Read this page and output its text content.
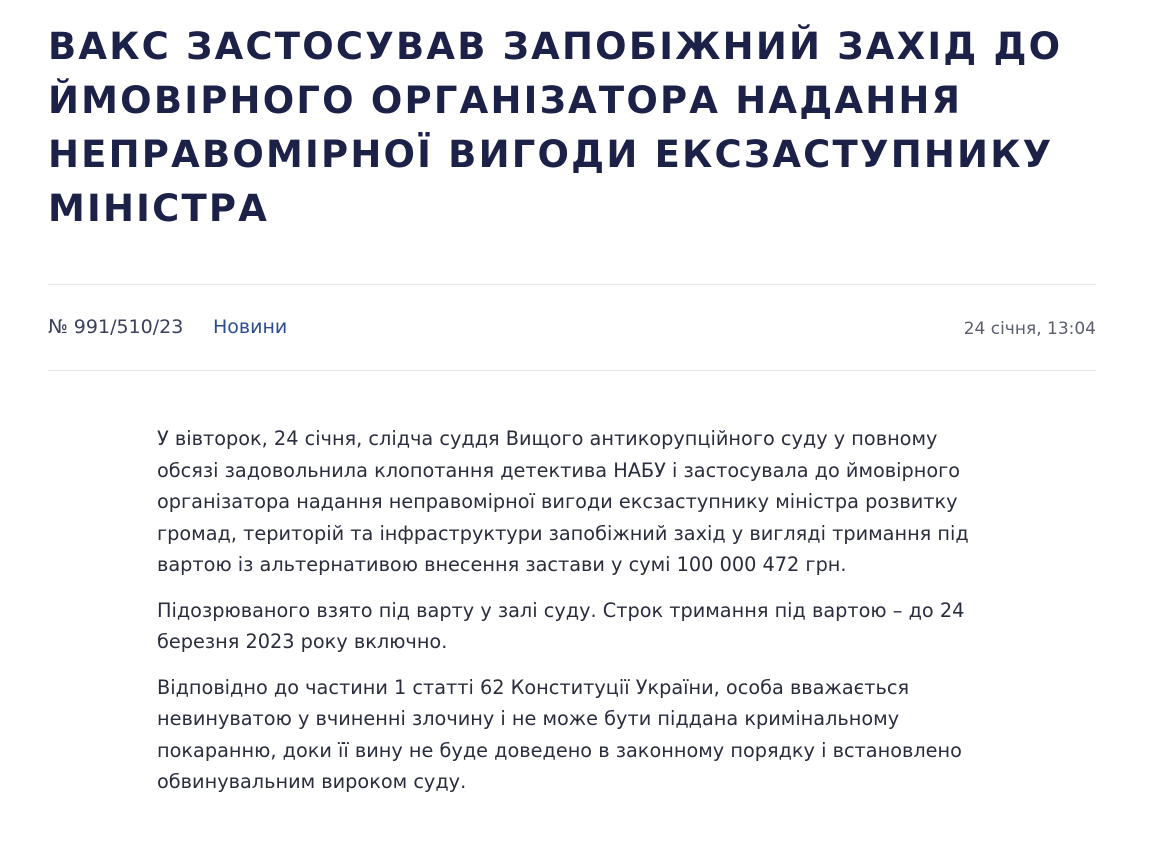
ВАКС ЗАСТОСУВАВ ЗАПОБІЖНИЙ ЗАХІД ДО ЙМОВІРНОГО ОРГАНІЗАТОРА НАДАННЯ НЕПРАВОМІРНОЇ ВИГОДИ ЕКСЗАСТУПНИКУ МІНІСТРА
№ 991/510/23 Новини	24 січня, 13:04

У вівторок, 24 січня, слідча суддя Вищого антикорупційного суду у повному обсязі задовольнила клопотання детектива НАБУ і застосувала до ймовірного організатора надання неправомірної вигоди ексзаступнику міністра розвитку громад, територій та інфраструктури запобіжний захід у вигляді тримання під вартою із альтернативою внесення застави у сумі 100 000 472 грн.

Підозрюваного взято під варту у залі суду. Строк тримання під вартою – до 24 березня 2023 року включно.

Відповідно до частини 1 статті 62 Конституції України, особа вважається невинуватою у вчиненні злочину і не може бути піддана кримінальному покаранню, доки її вину не буде доведено в законному порядку і встановлено обвинувальним вироком суду.
